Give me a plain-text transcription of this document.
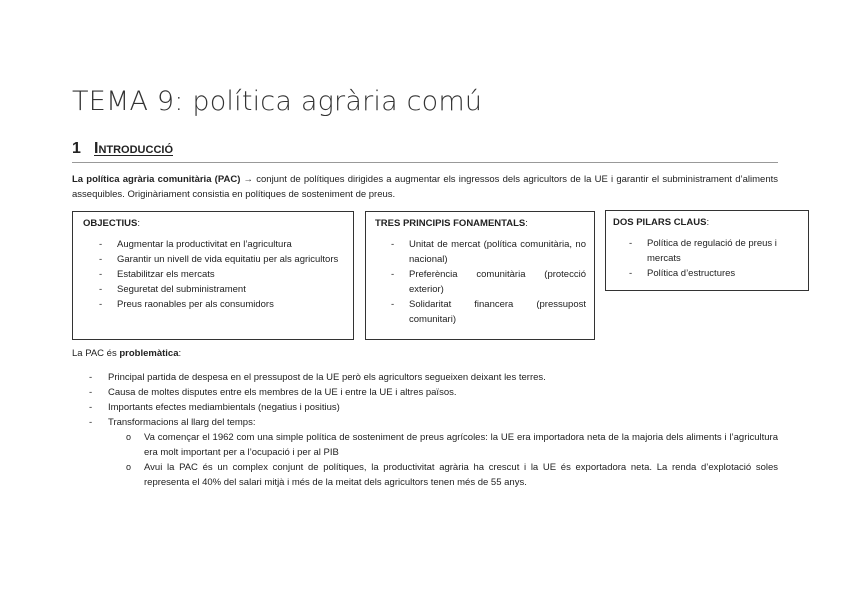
TEMA 9: política agrària comú
1 Introducció
La política agrària comunitària (PAC) → conjunt de polítiques dirigides a augmentar els ingressos dels agricultors de la UE i garantir el subministrament d’aliments assequibles. Originàriament consistia en polítiques de sosteniment de preus.
OBJECTIUS:
- Augmentar la productivitat en l’agricultura
- Garantir un nivell de vida equitatiu per als agricultors
- Estabilitzar els mercats
- Seguretat del subministrament
- Preus raonables per als consumidors
TRES PRINCIPIS FONAMENTALS:
- Unitat de mercat (política comunitària, no nacional)
- Preferència comunitària (protecció exterior)
- Solidaritat financera (pressupost comunitari)
DOS PILARS CLAUS:
- Política de regulació de preus i mercats
- Política d’estructures
La PAC és problemàtica:
- Principal partida de despesa en el pressupost de la UE però els agricultors segueixen deixant les terres.
- Causa de moltes disputes entre els membres de la UE i entre la UE i altres països.
- Importants efectes mediambientals (negatius i positius)
- Transformacions al llarg del temps:
o Va començar el 1962 com una simple política de sosteniment de preus agrícoles: la UE era importadora neta de la majoria dels aliments i l’agricultura era molt important per a l’ocupació i per al PIB
o Avui la PAC és un complex conjunt de polítiques, la productivitat agrària ha crescut i la UE és exportadora neta. La renda d’explotació soles representa el 40% del salari mitjà i més de la meitat dels agricultors tenen més de 55 anys.
